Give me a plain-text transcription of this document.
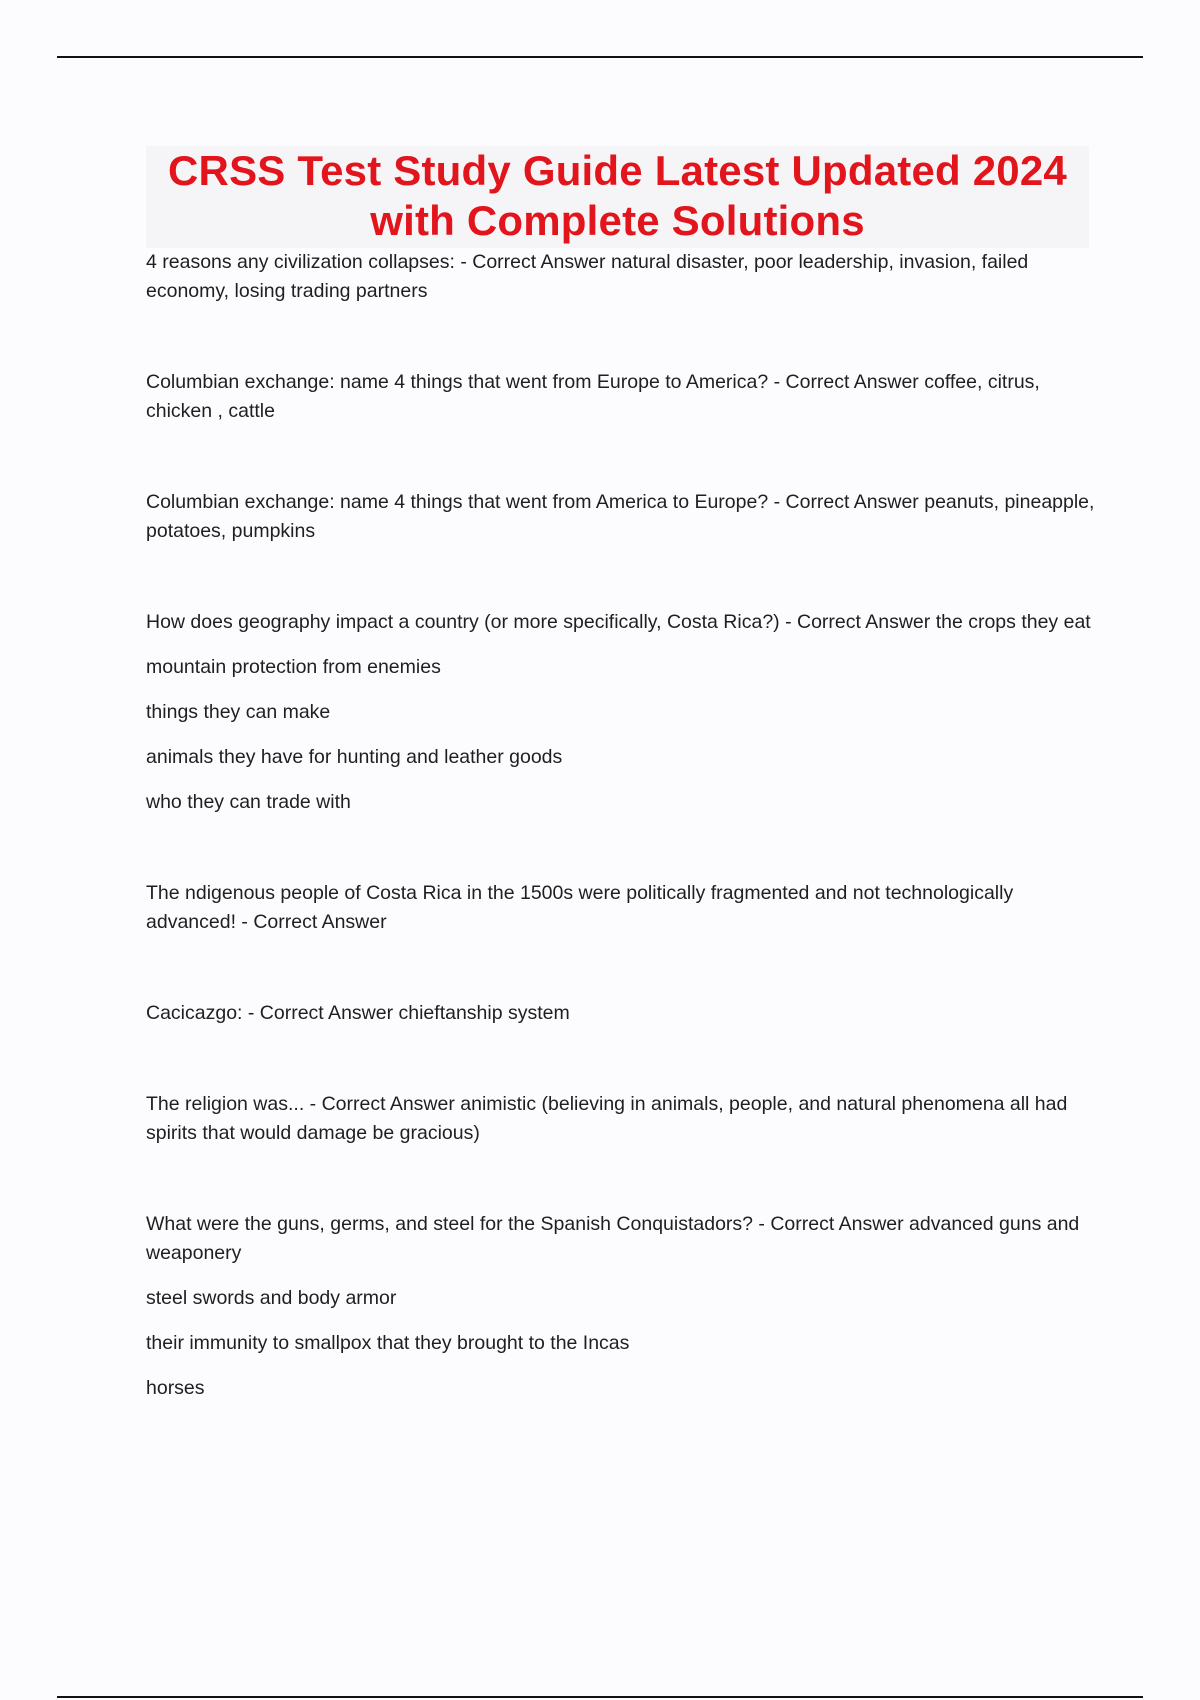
CRSS Test Study Guide Latest Updated 2024 with Complete Solutions

4 reasons any civilization collapses: - Correct Answer natural disaster, poor leadership, invasion, failed economy, losing trading partners

Columbian exchange: name 4 things that went from Europe to America? - Correct Answer coffee, citrus, chicken , cattle

Columbian exchange: name 4 things that went from America to Europe? - Correct Answer peanuts, pineapple, potatoes, pumpkins

How does geography impact a country (or more specifically, Costa Rica?) - Correct Answer the crops they eat

mountain protection from enemies

things they can make

animals they have for hunting and leather goods

who they can trade with

The ndigenous people of Costa Rica in the 1500s were politically fragmented and not technologically advanced! - Correct Answer

Cacicazgo: - Correct Answer chieftanship system

The religion was... - Correct Answer animistic (believing in animals, people, and natural phenomena all had spirits that would damage be gracious)

What were the guns, germs, and steel for the Spanish Conquistadors? - Correct Answer advanced guns and weaponery

steel swords and body armor

their immunity to smallpox that they brought to the Incas

horses
